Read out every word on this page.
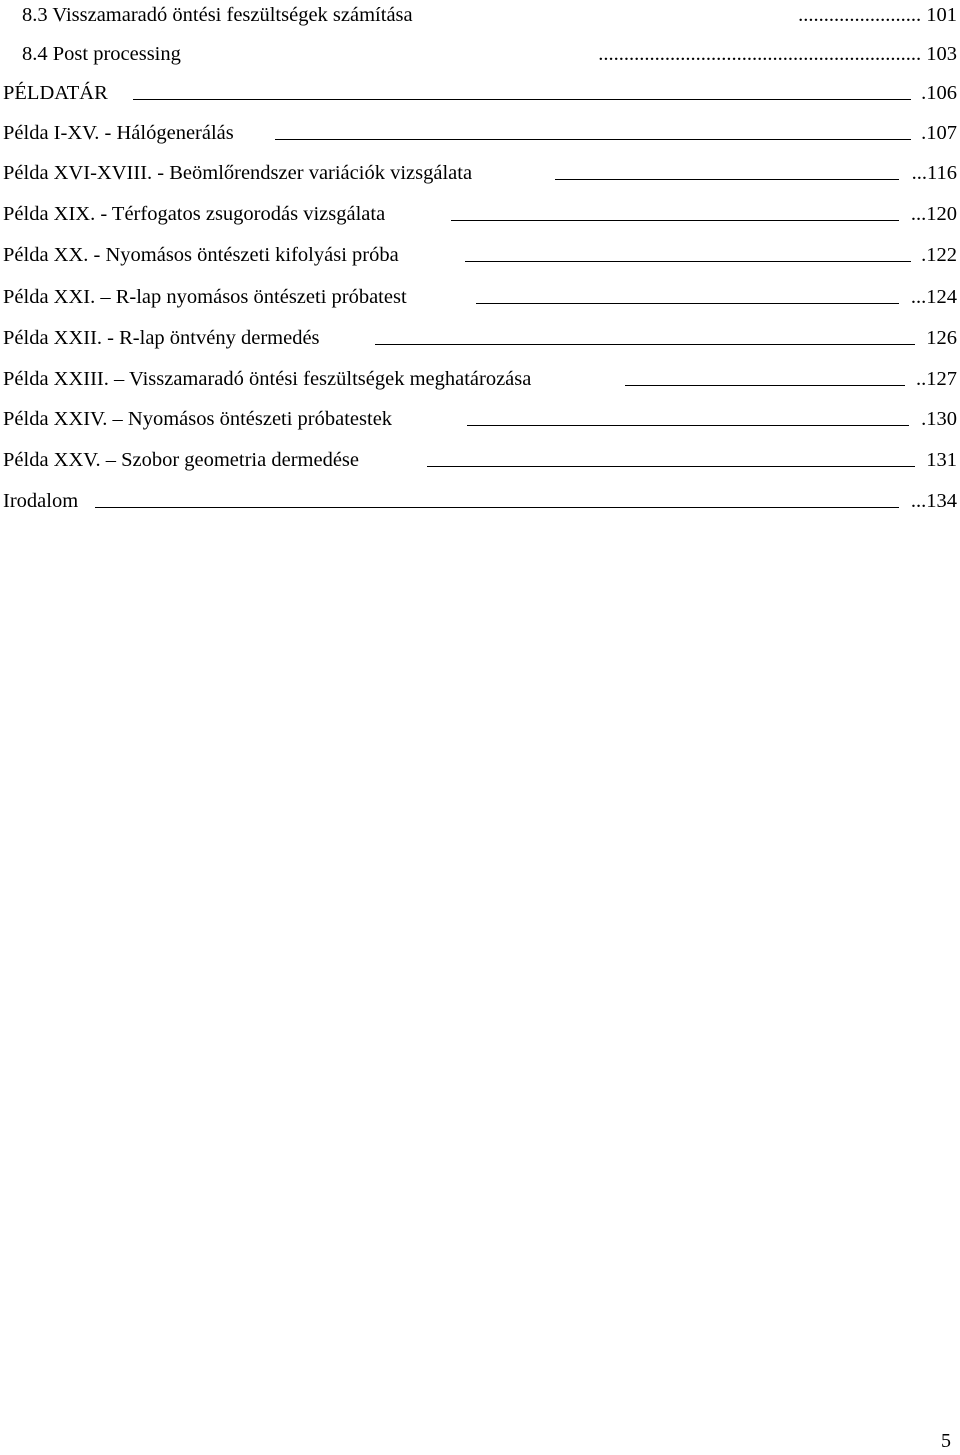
8.3 Visszamaradó öntési feszültségek számítása	........................ 101
8.4 Post processing	............................................................... 103
PÉLDATÁR	.106
Példa I-XV. - Hálógenerálás	.107
Példa XVI-XVIII. - Beömlőrendszer variációk vizsgálata	...116
Példa XIX. - Térfogatos zsugorodás vizsgálata	...120
Példa XX. - Nyomásos öntészeti kifolyási próba	.122
Példa XXI. – R-lap nyomásos öntészeti próbatest	...124
Példa XXII. - R-lap öntvény dermedés	126
Példa XXIII. – Visszamaradó öntési feszültségek meghatározása	..127
Példa XXIV. – Nyomásos öntészeti próbatestek	.130
Példa XXV. – Szobor geometria dermedése	131
Irodalom	...134
5
